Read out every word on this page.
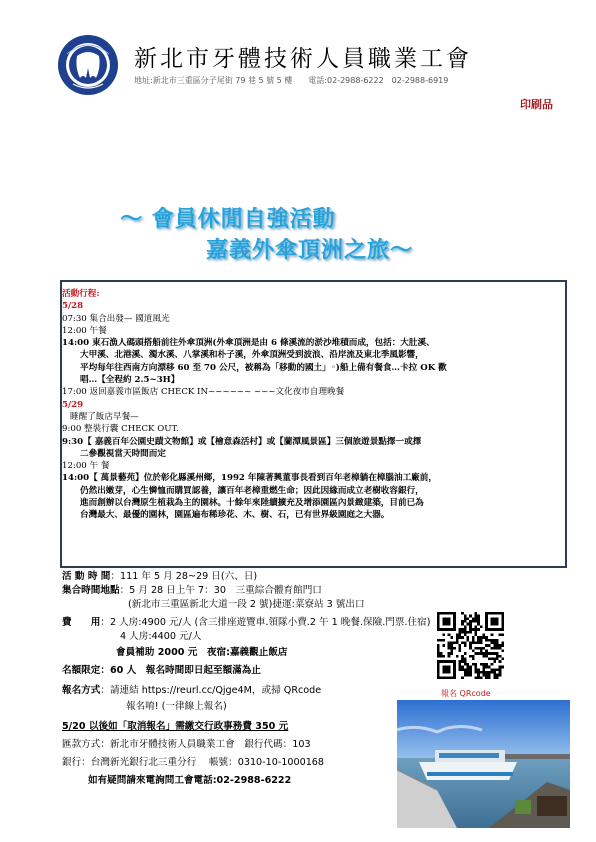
新北市牙體技術人員職業工會
地址:新北市三重區分子尾街 79 巷 5 號 5 樓　　電話:02-2988-6222　02-2988-6919
印刷品
～ 會員休閒自強活動
嘉義外傘頂洲之旅～
活動行程:
5/28
07:30 集合出發— 國道風光
12:00 午餐
14:00 東石漁人碼頭搭船前往外傘頂洲(外傘頂洲是由 6 條溪流的淤沙堆積而成，包括：大肚溪、
大甲溪、北港溪、濁水溪、八掌溪和朴子溪，外傘頂洲受到波浪、沿岸流及東北季風影響，
平均每年往西南方向漂移 60 至 70 公尺，被稱為「移動的國土」◦)船上備有餐食…卡拉 OK 歡
唱…【全程約 2.5~3H】
17:00 返回嘉義市區飯店 CHECK IN~~~~~~ ~~~文化夜市自理晚餐
5/29
睡醒了飯店早餐—
9:00 整裝行囊 CHECK OUT.
9:30【 嘉義百年公園史蹟文物館】或【檜意森活村】或【蘭潭風景區】三個旅遊景點擇一或擇
二參觀視當天時間而定
12:00 午 餐
14:00【 萬景藝苑】位於彰化縣溪州鄉，1992 年陳著興董事長看到百年老樟躺在樟腦油工廠前，
仍然出嫩芽，心生憐恤而購買認養，讓百年老樟重燃生命；因此因緣而成立老樹收容銀行，
進而創辦以台灣原生植栽為主的園林。十餘年來陸續擴充及增添園區內景緻建築，目前已為
台灣最大、最優的園林，園區遍布稀珍花、木、樹、石，已有世界級園庭之大器。
活 動 時 間：111 年 5 月 28~29 日(六、日)
集合時間地點：5 月 28 日上午 7：30　三重綜合體育館門口
(新北市三重區新北大道一段 2 號)捷運:菜寮站 3 號出口
費　　用：2 人房:4900 元/人 (含三排座遊覽車.領隊小費.2 午 1 晚餐.保險.門票.住宿)
4 人房:4400 元/人
會員補助 2000 元　夜宿:嘉義觀止飯店
名額限定：60 人　報名時間即日起至額滿為止
報名方式：請連結 https://reurl.cc/Qjge4M，或掃 QRcode
報名唷! (一律線上報名)
5/20 以後如「取消報名」需繳交行政事務費 350 元
匯款方式：新北市牙體技術人員職業工會　銀行代碼：103
銀行：台灣新光銀行北三重分行　 帳號：0310-10-1000168
如有疑問請來電詢問工會電話:02-2988-6222
報名 QRcode
